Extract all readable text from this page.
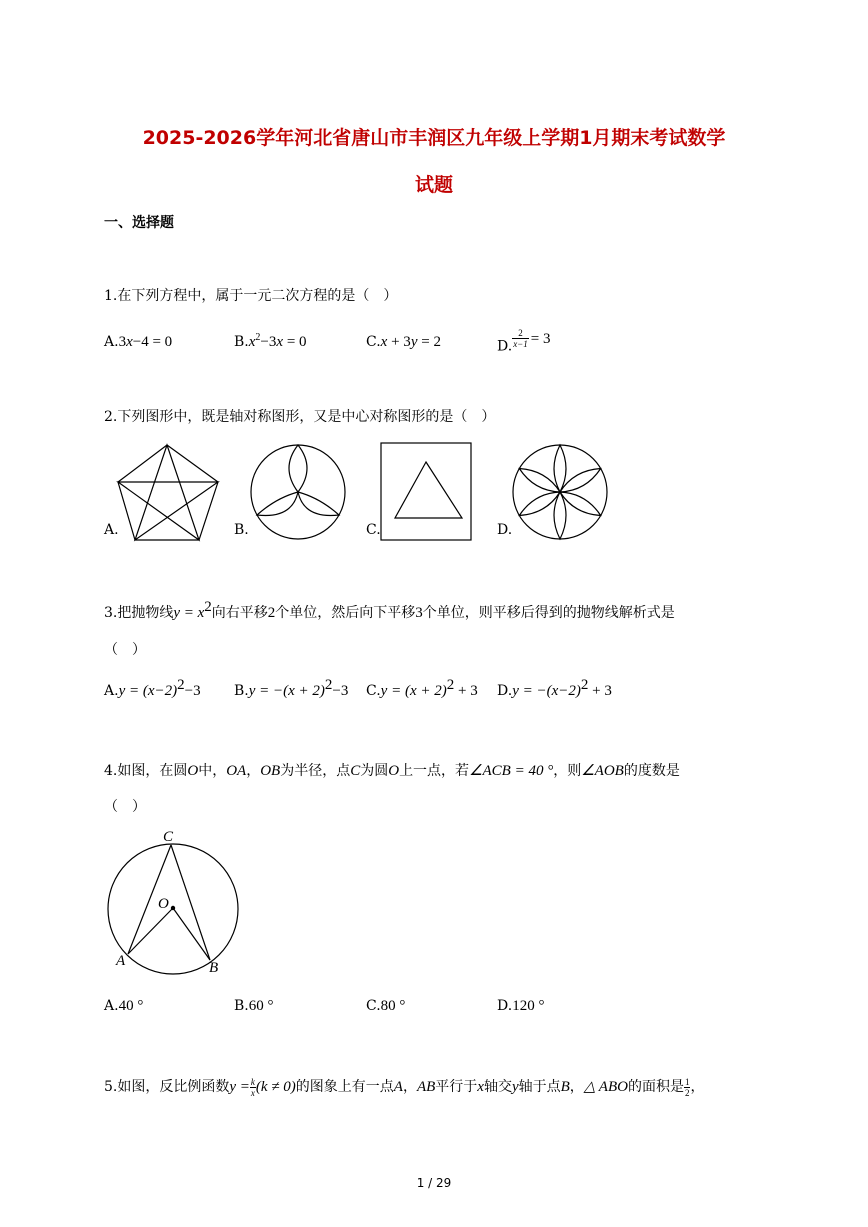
2025-2026学年河北省唐山市丰润区九年级上学期1月期末考试数学
试题
一、选择题
1.在下列方程中，属于一元二次方程的是（　）
A.3x−4 = 0	$B.x^2-3x = 0$	C.x + 3y = 2	D. $\frac{2}{x-1} = 3$
2.下列图形中，既是轴对称图形，又是中心对称图形的是（　）
A.	B.	C.	D.
3.把抛物线$y = x^2$向右平移2个单位，然后向下平移3个单位，则平移后得到的抛物线解析式是
（　）
$A.y = (x-2)^2-3$ $B.y = -(x + 2)^2-3$ $C.y = (x + 2)^2 + 3$ $D.y = -(x-2)^2 + 3$
4.如图，在圆O中，OA，OB为半径，点C为圆O上一点，若∠ACB = 40 °，则∠AOB的度数是
（　）
C
O
A	B
A.40 °	B.60 °	C.80 °	D.120 °
5.如图，反比例函数$y = \frac{k}{x} (k \ne 0)$的图象上有一点A，AB平行于x轴交y轴于点B，△ ABO的面积是 $\frac{1}{2}$ ，
1 / 29
